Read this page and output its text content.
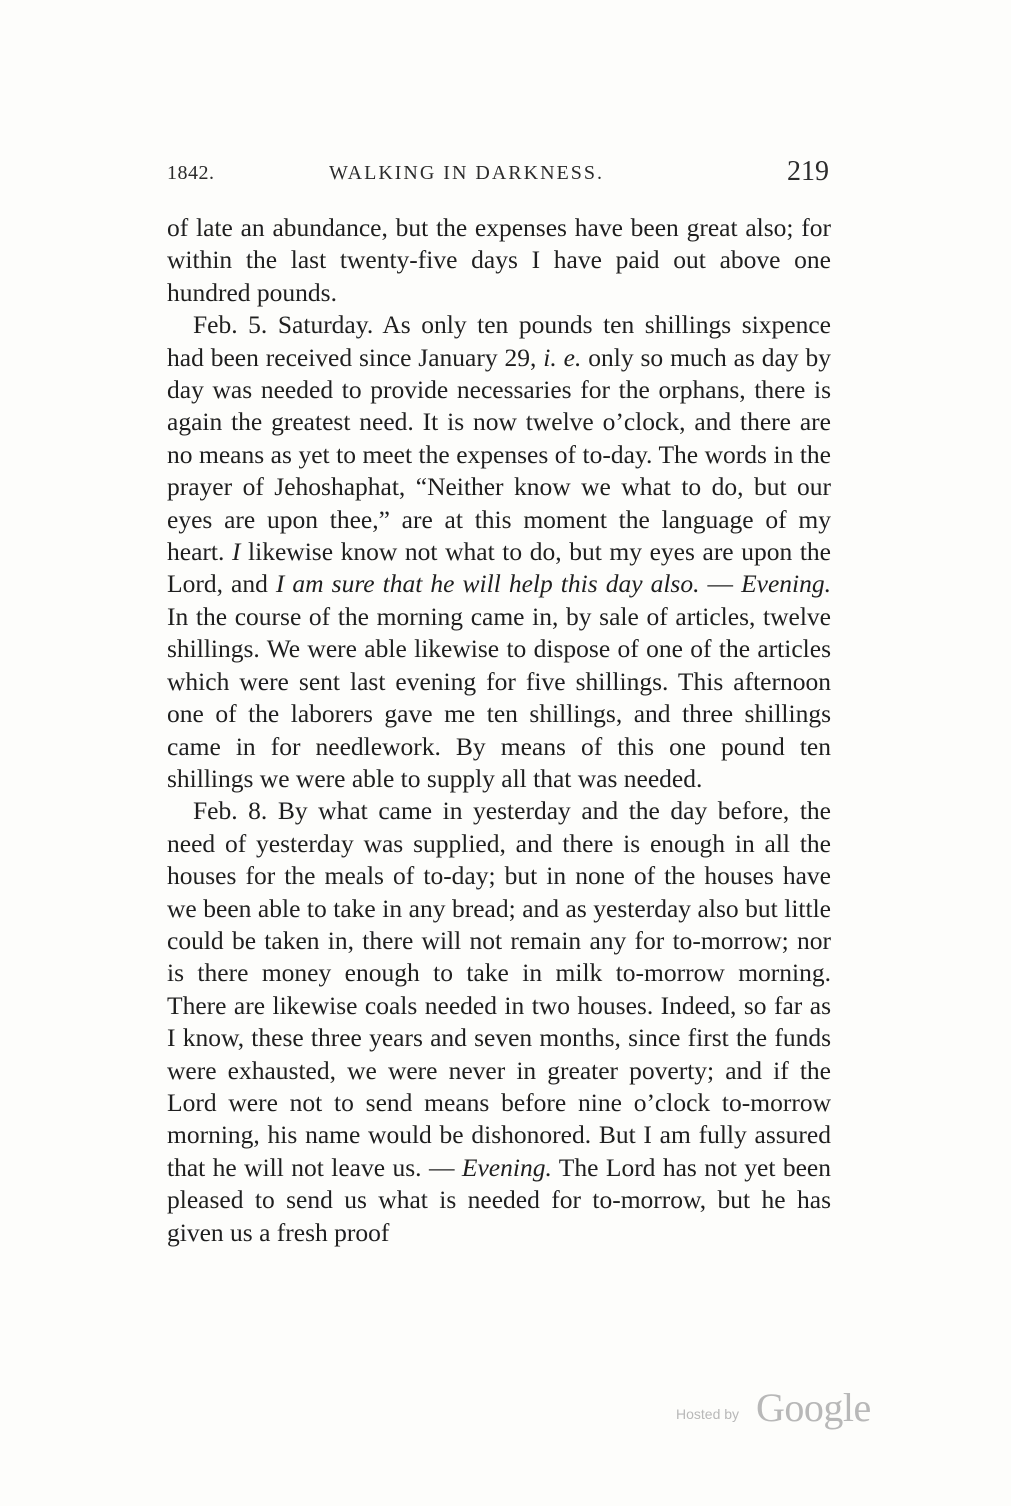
1842.	WALKING IN DARKNESS.	219

of late an abundance, but the expenses have been great also; for within the last twenty-five days I have paid out above one hundred pounds.

Feb. 5. Saturday. As only ten pounds ten shillings sixpence had been received since January 29, i. e. only so much as day by day was needed to provide necessaries for the orphans, there is again the greatest need. It is now twelve o’clock, and there are no means as yet to meet the expenses of to-day. The words in the prayer of Jehoshaphat, “Neither know we what to do, but our eyes are upon thee,” are at this moment the language of my heart. I likewise know not what to do, but my eyes are upon the Lord, and I am sure that he will help this day also. — Evening. In the course of the morning came in, by sale of articles, twelve shillings. We were able likewise to dispose of one of the articles which were sent last evening for five shillings. This afternoon one of the laborers gave me ten shillings, and three shillings came in for needlework. By means of this one pound ten shillings we were able to supply all that was needed.

Feb. 8. By what came in yesterday and the day before, the need of yesterday was supplied, and there is enough in all the houses for the meals of to-day; but in none of the houses have we been able to take in any bread; and as yesterday also but little could be taken in, there will not remain any for to-morrow; nor is there money enough to take in milk to-morrow morning. There are likewise coals needed in two houses. Indeed, so far as I know, these three years and seven months, since first the funds were exhausted, we were never in greater poverty; and if the Lord were not to send means before nine o’clock to-morrow morning, his name would be dishonored. But I am fully assured that he will not leave us. — Evening. The Lord has not yet been pleased to send us what is needed for to-morrow, but he has given us a fresh proof

Hosted by Google
